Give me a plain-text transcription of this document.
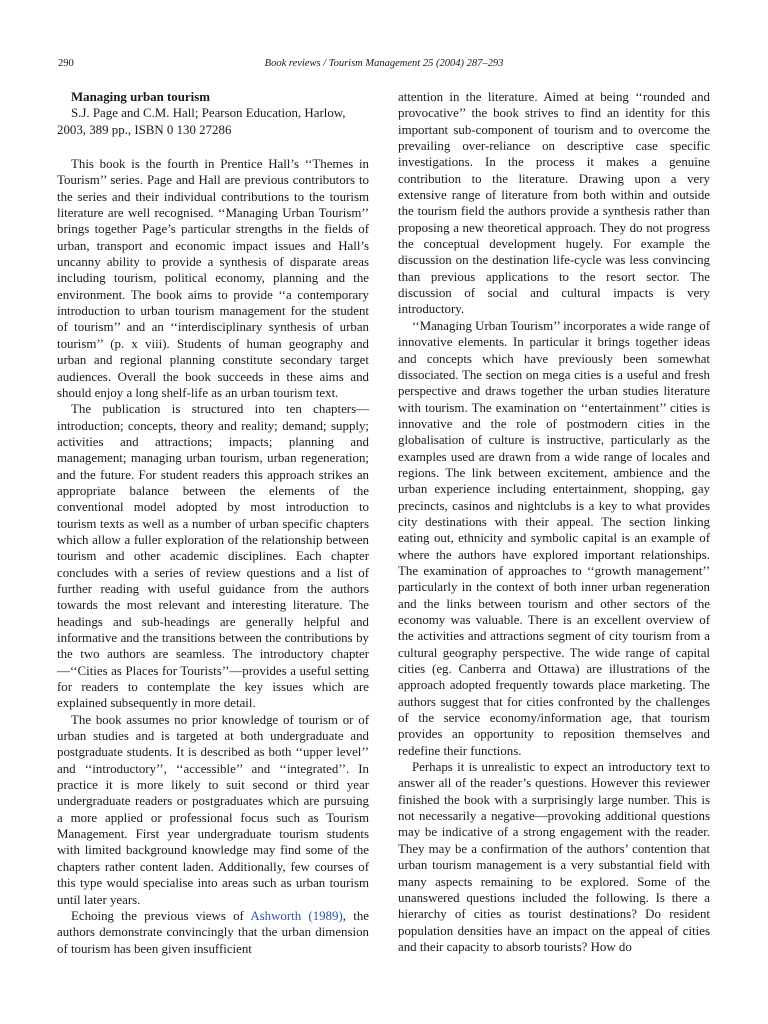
290	Book reviews / Tourism Management 25 (2004) 287–293

Managing urban tourism

S.J. Page and C.M. Hall; Pearson Education, Harlow,
2003, 389 pp., ISBN 0 130 27286

This book is the fourth in Prentice Hall’s ‘‘Themes in Tourism’’ series. Page and Hall are previous contributors to the series and their individual contributions to the tourism literature are well recognised. ‘‘Managing Urban Tourism’’ brings together Page’s particular strengths in the fields of urban, transport and economic impact issues and Hall’s uncanny ability to provide a synthesis of disparate areas including tourism, political economy, planning and the environment. The book aims to provide ‘‘a contemporary introduction to urban tourism management for the student of tourism’’ and an ‘‘interdisciplinary synthesis of urban tourism’’ (p. x viii). Students of human geography and urban and regional planning constitute secondary target audiences. Overall the book succeeds in these aims and should enjoy a long shelf-life as an urban tourism text.

The publication is structured into ten chapters—introduction; concepts, theory and reality; demand; supply; activities and attractions; impacts; planning and management; managing urban tourism, urban regeneration; and the future. For student readers this approach strikes an appropriate balance between the elements of the conventional model adopted by most introduction to tourism texts as well as a number of urban specific chapters which allow a fuller exploration of the relationship between tourism and other academic disciplines. Each chapter concludes with a series of review questions and a list of further reading with useful guidance from the authors towards the most relevant and interesting literature. The headings and sub-headings are generally helpful and informative and the transitions between the contributions by the two authors are seamless. The introductory chapter—‘‘Cities as Places for Tourists’’—provides a useful setting for readers to contemplate the key issues which are explained subsequently in more detail.

The book assumes no prior knowledge of tourism or of urban studies and is targeted at both undergraduate and postgraduate students. It is described as both ‘‘upper level’’ and ‘‘introductory’’, ‘‘accessible’’ and ‘‘integrated’’. In practice it is more likely to suit second or third year undergraduate readers or postgraduates which are pursuing a more applied or professional focus such as Tourism Management. First year undergraduate tourism students with limited background knowledge may find some of the chapters rather content laden. Additionally, few courses of this type would specialise into areas such as urban tourism until later years.

Echoing the previous views of Ashworth (1989), the authors demonstrate convincingly that the urban dimension of tourism has been given insufficient

attention in the literature. Aimed at being ‘‘rounded and provocative’’ the book strives to find an identity for this important sub-component of tourism and to overcome the prevailing over-reliance on descriptive case specific investigations. In the process it makes a genuine contribution to the literature. Drawing upon a very extensive range of literature from both within and outside the tourism field the authors provide a synthesis rather than proposing a new theoretical approach. They do not progress the conceptual development hugely. For example the discussion on the destination life-cycle was less convincing than previous applications to the resort sector. The discussion of social and cultural impacts is very introductory.

‘‘Managing Urban Tourism’’ incorporates a wide range of innovative elements. In particular it brings together ideas and concepts which have previously been somewhat dissociated. The section on mega cities is a useful and fresh perspective and draws together the urban studies literature with tourism. The examination on ‘‘entertainment’’ cities is innovative and the role of postmodern cities in the globalisation of culture is instructive, particularly as the examples used are drawn from a wide range of locales and regions. The link between excitement, ambience and the urban experience including entertainment, shopping, gay precincts, casinos and nightclubs is a key to what provides city destinations with their appeal. The section linking eating out, ethnicity and symbolic capital is an example of where the authors have explored important relationships. The examination of approaches to ‘‘growth management’’ particularly in the context of both inner urban regeneration and the links between tourism and other sectors of the economy was valuable. There is an excellent overview of the activities and attractions segment of city tourism from a cultural geography perspective. The wide range of capital cities (eg. Canberra and Ottawa) are illustrations of the approach adopted frequently towards place marketing. The authors suggest that for cities confronted by the challenges of the service economy/information age, that tourism provides an opportunity to reposition themselves and redefine their functions.

Perhaps it is unrealistic to expect an introductory text to answer all of the reader’s questions. However this reviewer finished the book with a surprisingly large number. This is not necessarily a negative—provoking additional questions may be indicative of a strong engagement with the reader. They may be a confirmation of the authors’ contention that urban tourism management is a very substantial field with many aspects remaining to be explored. Some of the unanswered questions included the following. Is there a hierarchy of cities as tourist destinations? Do resident population densities have an impact on the appeal of cities and their capacity to absorb tourists? How do
